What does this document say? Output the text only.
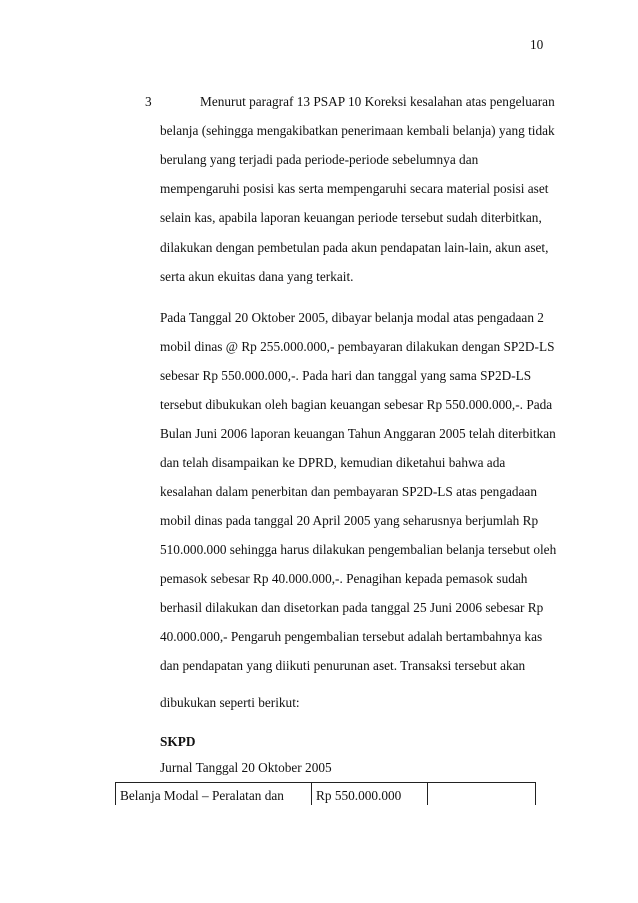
10
3 	Menurut paragraf 13 PSAP 10 Koreksi kesalahan atas pengeluaran
belanja (sehingga mengakibatkan penerimaan kembali belanja) yang tidak
berulang yang terjadi pada periode-periode sebelumnya dan
mempengaruhi posisi kas serta mempengaruhi secara material posisi aset
selain kas, apabila laporan keuangan periode tersebut sudah diterbitkan,
dilakukan dengan pembetulan pada akun pendapatan lain-lain, akun aset,
serta akun ekuitas dana yang terkait.
Pada Tanggal 20 Oktober 2005, dibayar belanja modal atas pengadaan 2
mobil dinas @ Rp 255.000.000,- pembayaran dilakukan dengan SP2D-LS
sebesar Rp 550.000.000,-. Pada hari dan tanggal yang sama SP2D-LS
tersebut dibukukan oleh bagian keuangan sebesar Rp 550.000.000,-. Pada
Bulan Juni 2006 laporan keuangan Tahun Anggaran 2005 telah diterbitkan
dan telah disampaikan ke DPRD, kemudian diketahui bahwa ada
kesalahan dalam penerbitan dan pembayaran SP2D-LS atas pengadaan
mobil dinas pada tanggal 20 April 2005 yang seharusnya berjumlah Rp
510.000.000 sehingga harus dilakukan pengembalian belanja tersebut oleh
pemasok sebesar Rp 40.000.000,-. Penagihan kepada pemasok sudah
berhasil dilakukan dan disetorkan pada tanggal 25 Juni 2006 sebesar Rp
40.000.000,- Pengaruh pengembalian tersebut adalah bertambahnya kas
dan pendapatan yang diikuti penurunan aset. Transaksi tersebut akan
dibukukan seperti berikut:
SKPD
Jurnal Tanggal 20 Oktober 2005
Belanja Modal – Peralatan dan Rp 550.000.000
